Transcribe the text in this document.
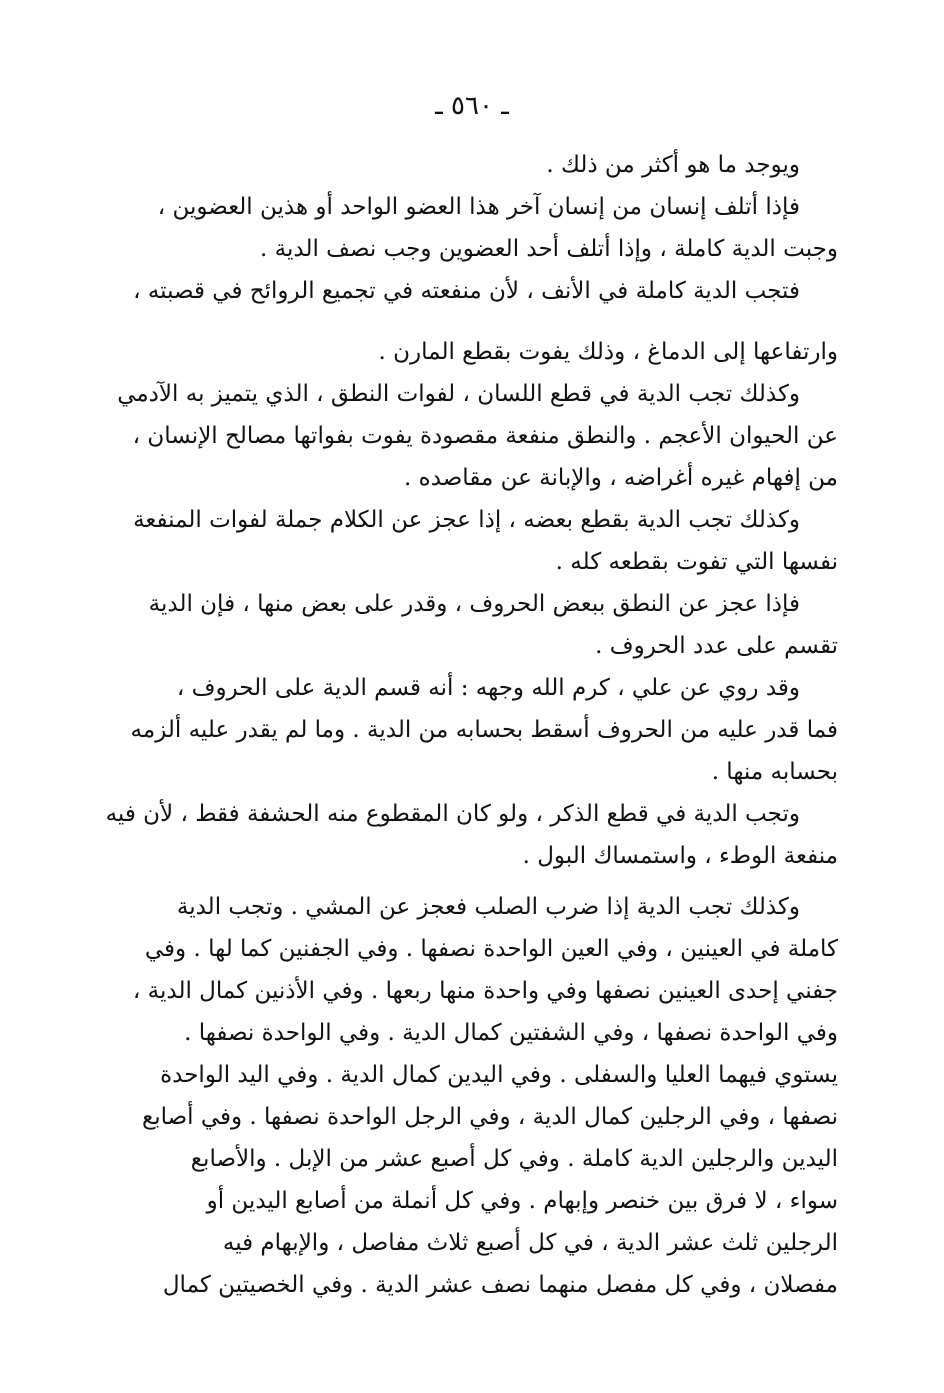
ـ ٥٦٠ ـ
ويوجد ما هو أكثر من ذلك .
فإذا أتلف إنسان من إنسان آخر هذا العضو الواحد أو هذين العضوين ،
وجبت الدية كاملة ، وإذا أتلف أحد العضوين وجب نصف الدية .
فتجب الدية كاملة في الأنف ، لأن منفعته في تجميع الروائح في قصبته ،
وارتفاعها إلى الدماغ ، وذلك يفوت بقطع المارن .
وكذلك تجب الدية في قطع اللسان ، لفوات النطق ، الذي يتميز به الآدمي
عن الحيوان الأعجم . والنطق منفعة مقصودة يفوت بفواتها مصالح الإنسان ،
من إفهام غيره أغراضه ، والإبانة عن مقاصده .
وكذلك تجب الدية بقطع بعضه ، إذا عجز عن الكلام جملة لفوات المنفعة
نفسها التي تفوت بقطعه كله .
فإذا عجز عن النطق ببعض الحروف ، وقدر على بعض منها ، فإن الدية
تقسم على عدد الحروف .
وقد روي عن علي ، كرم الله وجهه : أنه قسم الدية على الحروف ،
فما قدر عليه من الحروف أسقط بحسابه من الدية . وما لم يقدر عليه ألزمه
بحسابه منها .
وتجب الدية في قطع الذكر ، ولو كان المقطوع منه الحشفة فقط ، لأن فيه
منفعة الوطء ، واستمساك البول .
وكذلك تجب الدية إذا ضرب الصلب فعجز عن المشي . وتجب الدية
كاملة في العينين ، وفي العين الواحدة نصفها . وفي الجفنين كما لها . وفي
جفني إحدى العينين نصفها وفي واحدة منها ربعها . وفي الأذنين كمال الدية ،
وفي الواحدة نصفها ، وفي الشفتين كمال الدية . وفي الواحدة نصفها .
يستوي فيهما العليا والسفلى . وفي اليدين كمال الدية . وفي اليد الواحدة
نصفها ، وفي الرجلين كمال الدية ، وفي الرجل الواحدة نصفها . وفي أصابع
اليدين والرجلين الدية كاملة . وفي كل أصبع عشر من الإبل . والأصابع
سواء ، لا فرق بين خنصر وإبهام . وفي كل أنملة من أصابع اليدين أو
الرجلين ثلث عشر الدية ، في كل أصبع ثلاث مفاصل ، والإبهام فيه
مفصلان ، وفي كل مفصل منهما نصف عشر الدية . وفي الخصيتين كمال
